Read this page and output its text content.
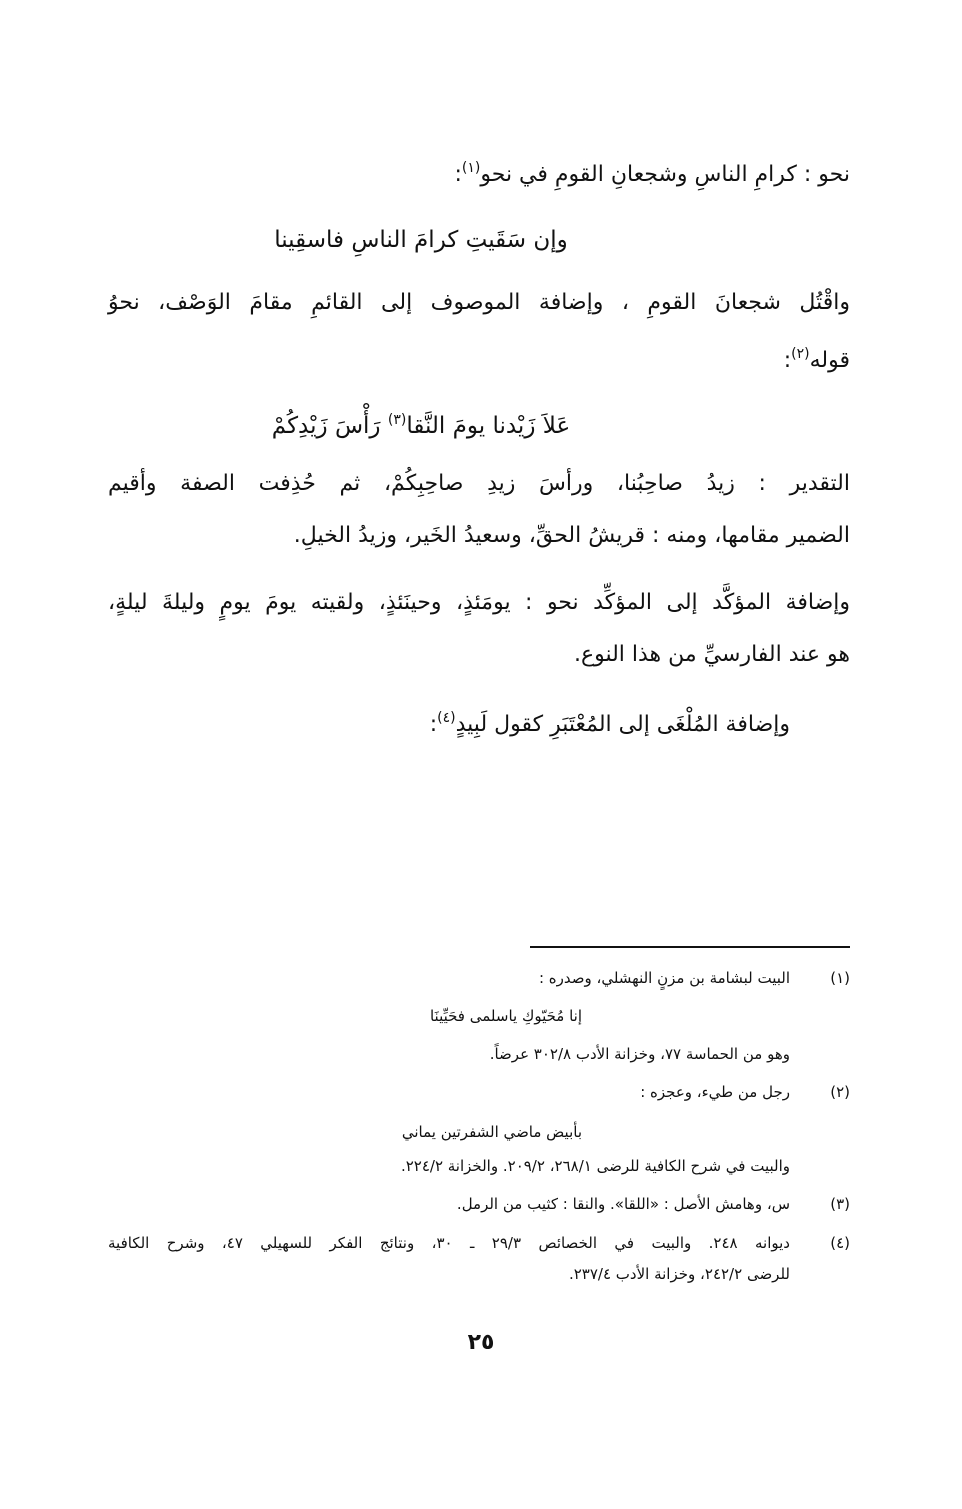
نحو : كرامِ الناسِ وشجعانِ القومِ في نحو$^{(١)}$:
وإن سَقَيتِ كرامَ الناسِ فاسقِينا
واقْتُل شجعانَ القومِ ، وإضافة الموصوف إلى القائمِ مقامَ الوَصْف، نحوُ
قوله$^{(٢)}$:
عَلاَ زَيْدنا يومَ النَّقا$^{(٣)}$ رَأْسَ زَيْدِكُمْ
التقدير : زيدُ صاحِبُنا، ورأسَ زيدِ صاحِبِكُمْ، ثم حُذِفت الصفة وأقيم
الضمير مقامها، ومنه : قريشُ الحقِّ، وسعيدُ الخَير، وزيدُ الخيلِ.
وإضافة المؤكَّد إلى المؤكِّد نحو : يومَئذٍ، وحينَئذٍ، ولقيته يومَ يومٍ وليلةَ ليلةٍ،
هو عند الفارسيِّ من هذا النوع.
وإضافة المُلْغَى إلى المُعْتَبَرِ كقول لَبِيدٍ$^{(٤)}$:
(١)
البيت لبشامة بن مزنٍ النهشلي، وصدره :
إنا مُحَيّوكِ ياسلمى فحَيِّينَا
وهو من الحماسة ٧٧، وخزانة الأدب ٣٠٢/٨ عرضاً.
(٢)
رجل من طيء، وعجزه :
بأبيض ماضي الشفرتين يماني
والبيت في شرح الكافية للرضى ٢٦٨/١، ٢٠٩/٢. والخزانة ٢٢٤/٢.
(٣)
س، وهامش الأصل : «اللقا». والنقا : كثيب من الرمل.
(٤)
ديوانه ٢٤٨. والبيت في الخصائص ٢٩/٣ ـ ٣٠، ونتائج الفكر للسهيلي ٤٧، وشرح الكافية
للرضى ٢٤٢/٢، وخزانة الأدب ٢٣٧/٤.
٢٥
